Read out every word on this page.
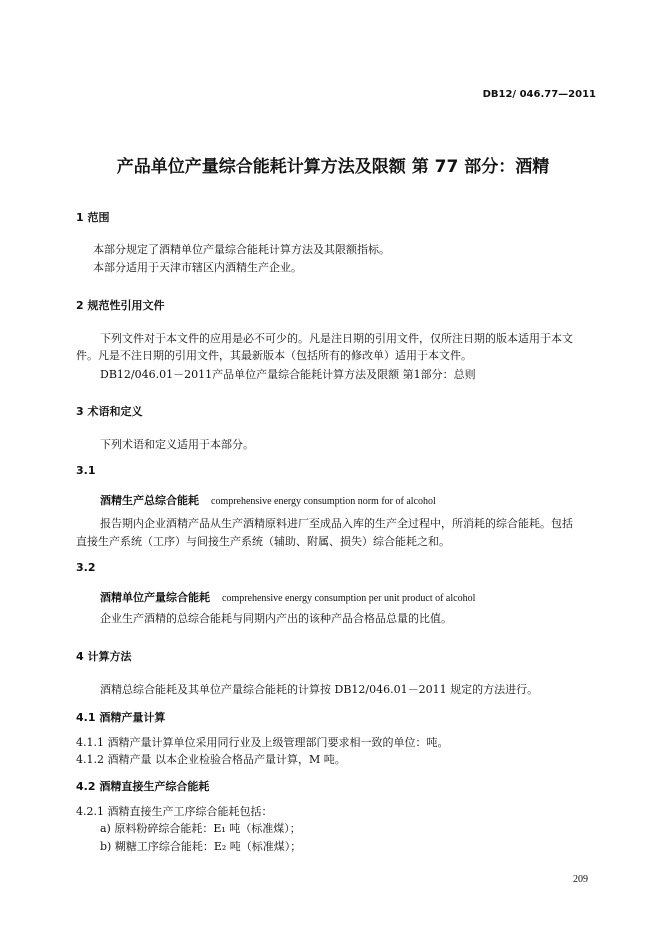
DB12/ 046.77—2011
产品单位产量综合能耗计算方法及限额 第 77 部分：酒精
1 范围
本部分规定了酒精单位产量综合能耗计算方法及其限额指标。
本部分适用于天津市辖区内酒精生产企业。
2 规范性引用文件
下列文件对于本文件的应用是必不可少的。凡是注日期的引用文件，仅所注日期的版本适用于本文
件。凡是不注日期的引用文件，其最新版本（包括所有的修改单）适用于本文件。
DB12/046.01－2011产品单位产量综合能耗计算方法及限额 第1部分：总则
3 术语和定义
下列术语和定义适用于本部分。
3.1
酒精生产总综合能耗 comprehensive energy consumption norm for of alcohol
报告期内企业酒精产品从生产酒精原料进厂至成品入库的生产全过程中，所消耗的综合能耗。包括
直接生产系统（工序）与间接生产系统（辅助、附属、损失）综合能耗之和。
3.2
酒精单位产量综合能耗 comprehensive energy consumption per unit product of alcohol
企业生产酒精的总综合能耗与同期内产出的该种产品合格品总量的比值。
4 计算方法
酒精总综合能耗及其单位产量综合能耗的计算按 DB12/046.01－2011 规定的方法进行。
4.1 酒精产量计算
4.1.1 酒精产量计算单位采用同行业及上级管理部门要求相一致的单位：吨。
4.1.2 酒精产量 以本企业检验合格品产量计算，M 吨。
4.2 酒精直接生产综合能耗
4.2.1 酒精直接生产工序综合能耗包括：
a) 原料粉碎综合能耗：E₁ 吨（标准煤）；
b) 糊糖工序综合能耗：E₂ 吨（标准煤）；
209
